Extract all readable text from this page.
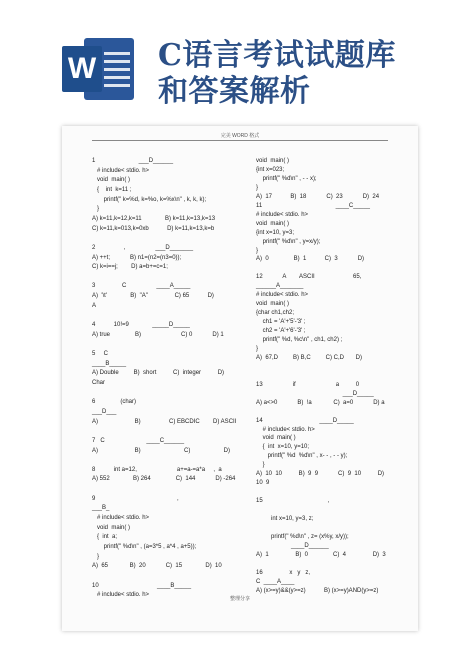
W C语言考试试题库
和答案解析
完美 WORD 格式
1                          ___D______
# include< stdio. h>
void  main( )
{    int  k=11 ;
printf(" k=%d, k=%o, k=%x\n" , k, k, k);
}
A) k=11,k=12,k=11              B) k=11,k=13,k=13
C) k=11,k=013,k=0xb           D) k=11,k=13,k=b
2                 ,                  ___D_______
A) ++t;            B) n1=(n2=(n3=0));
C) k=i==j;        D) a=b+=c=1;
3                C                  ____A_____
A)  '\t'              B)  "A"                C) 65           D)
A
4           10!=9              _____D_____
A) true               B)                        C) 0            D) 1
5     C
____B_____
A) Double         B)  short          C)  integer          D)
Char
6               (char)
___D___
A)                      B)                 C) EBCDIC        D) ASCII
7   C                         ____C______
A)                      B)                          C)                    D)
8           int a=12,                        a+=a-=a*a     ,  a
A) 552              B) 264               C)  144            D) -264
9                                                 ,
___B_
# include< stdio. h>
void  main( )
{  int  a;
printf(" %d\n" , (a=3*5 , a*4 , a+5));
}
A)  65             B)  20            C)  15              D)  10
10                                   ____B_____
# include< stdio. h>
void  main( )
{int x=023;
printf(" %d\n" , - - x);
}
A)  17           B)  18            C)  23            D)  24
11                                            ____C_____
# include< stdio. h>
void  main( )
{int x=10, y=3;
printf(" %d\n" , y=x/y);
}
A)  0               B)  1           C)  3            D)
12            A        ASCII                       65,
______A_______
# include< stdio. h>
void  main( )
{char ch1,ch2;
ch1 = 'A'+'5'-'3' ;
ch2 = 'A'+'6'-'3' ;
printf(" %d, %c\n" , ch1, ch2) ;
}
A)  67,D         B) B,C         C) C,D       D)
13                  if                        a          0
___D_____
A) a<>0            B)  !a             C)  a=0            D) a
14                                  ____D_____
# include< stdio. h>
void  main( )
{  int  x=10, y=10;
printf(" %d  %d\n" , x- - , - - y);
}
A)  10  10          B)  9  9            C)  9  10          D)
10  9
15                                       ,
int x=10, y=3, z;
printf(" %d\n" , z= (x%y, x/y));
____D______
A)  1                B)  0               C)  4                D)  3
16                x   y   z,
C  ____A____
A) (x>=y)&&(y>=z)           B) (x>=y)AND(y>=z)
整理分享
